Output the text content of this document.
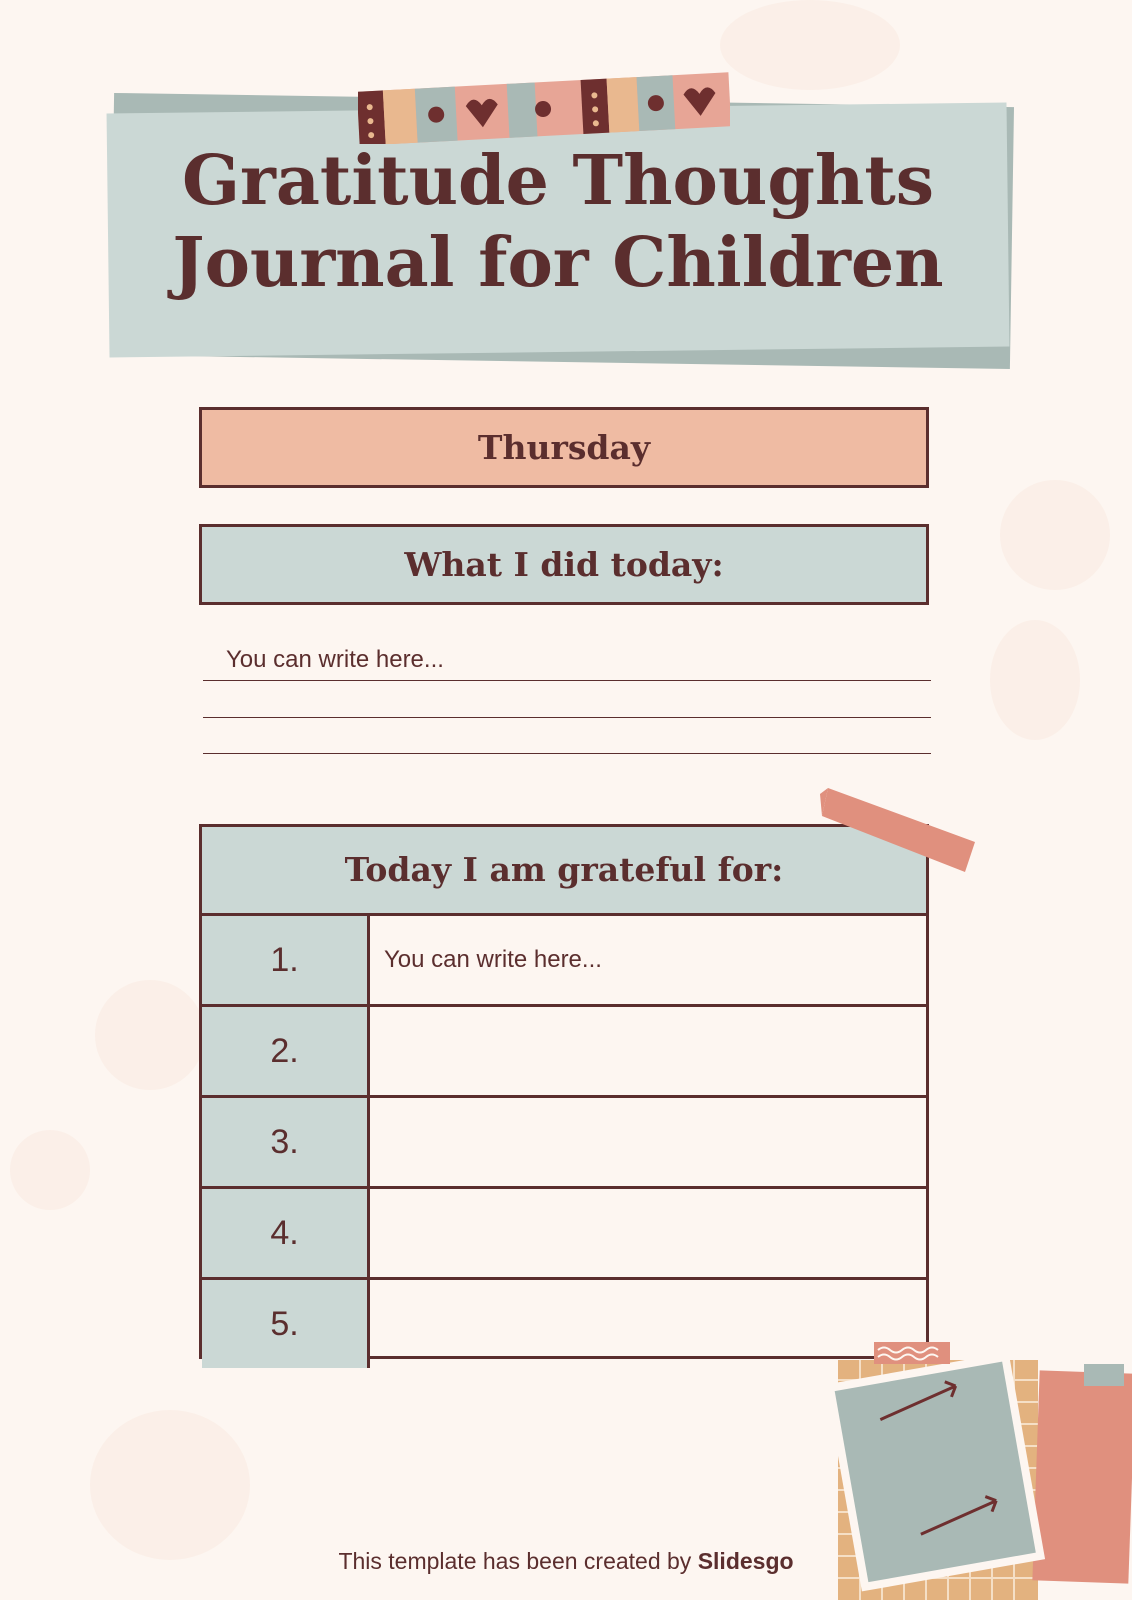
Gratitude Thoughts
Journal for Children
Thursday
What I did today:
You can write here...
Today I am grateful for:
1.	You can write here...
2.
3.
4.
5.
This template has been created by Slidesgo
